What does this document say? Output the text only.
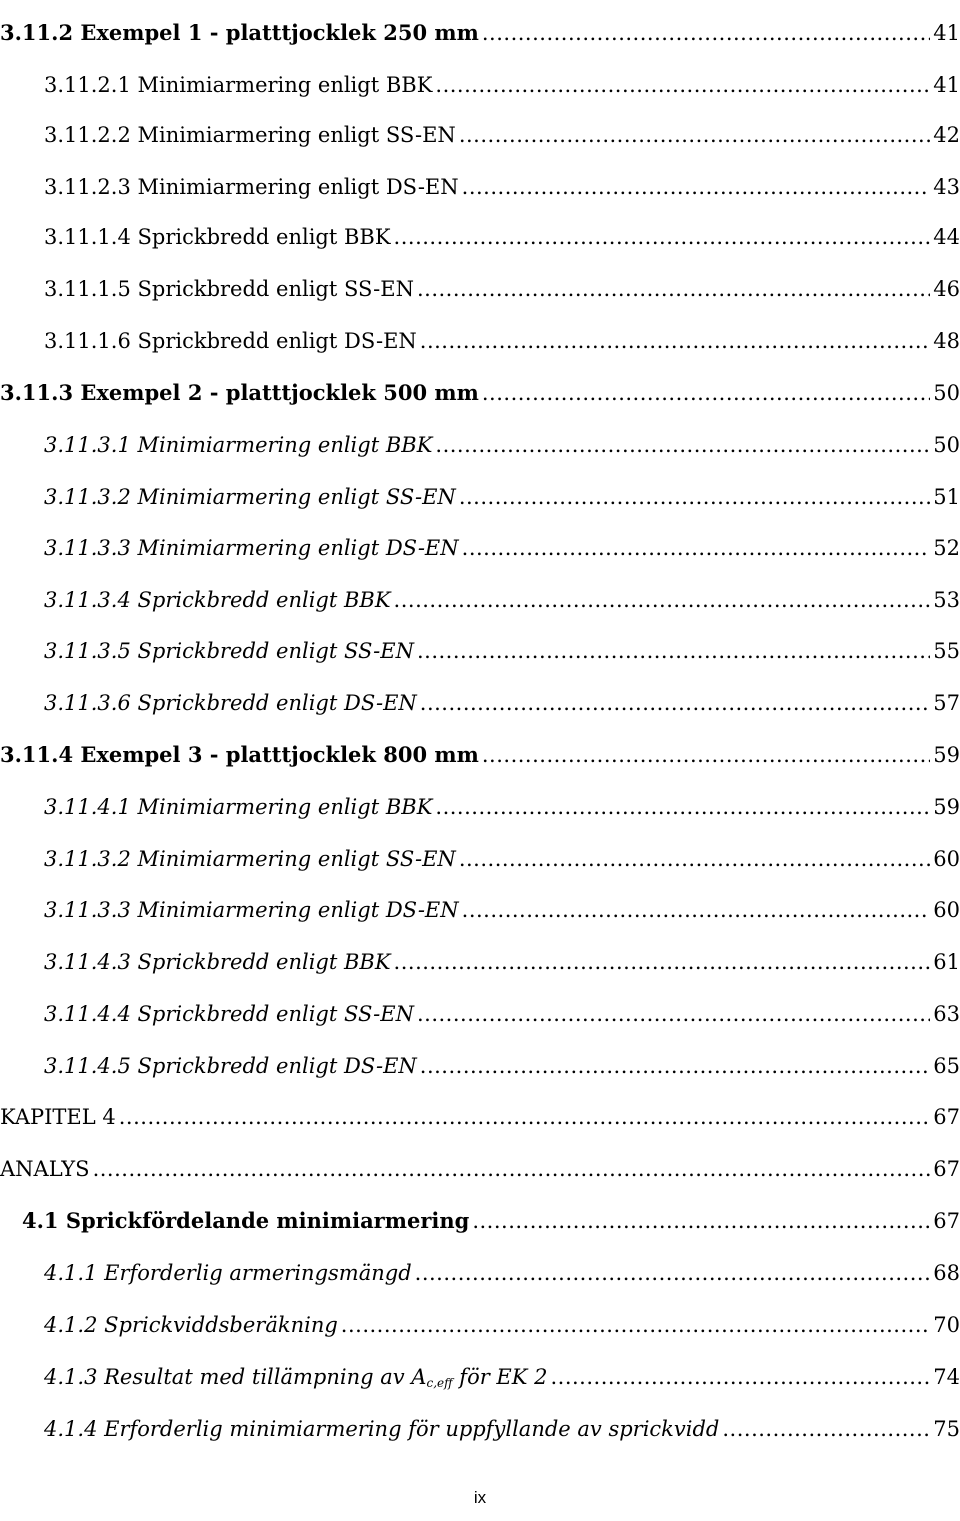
3.11.2 Exempel 1 - platttjocklek 250 mm .....	41
3.11.2.1 Minimiarmering enligt BBK .....	41
3.11.2.2 Minimiarmering enligt SS-EN .....	42
3.11.2.3 Minimiarmering enligt DS-EN .....	43
3.11.1.4 Sprickbredd enligt BBK .....	44
3.11.1.5 Sprickbredd enligt SS-EN .....	46
3.11.1.6 Sprickbredd enligt DS-EN .....	48
3.11.3 Exempel 2 - platttjocklek 500 mm .....	50
3.11.3.1 Minimiarmering enligt BBK .....	50
3.11.3.2 Minimiarmering enligt SS-EN .....	51
3.11.3.3 Minimiarmering enligt DS-EN .....	52
3.11.3.4 Sprickbredd enligt BBK .....	53
3.11.3.5 Sprickbredd enligt SS-EN .....	55
3.11.3.6 Sprickbredd enligt DS-EN .....	57
3.11.4 Exempel 3 - platttjocklek 800 mm .....	59
3.11.4.1 Minimiarmering enligt BBK .....	59
3.11.3.2 Minimiarmering enligt SS-EN .....	60
3.11.3.3 Minimiarmering enligt DS-EN .....	60
3.11.4.3 Sprickbredd enligt BBK .....	61
3.11.4.4 Sprickbredd enligt SS-EN .....	63
3.11.4.5 Sprickbredd enligt DS-EN .....	65
KAPITEL 4 .....	67
ANALYS .....	67
4.1 Sprickfördelande minimiarmering .....	67
4.1.1 Erforderlig armeringsmängd .....	68
4.1.2 Sprickviddsberäkning .....	70
4.1.3 Resultat med tillämpning av $A_{c,eff}$ för EK 2 .....	74
4.1.4 Erforderlig minimiarmering för uppfyllande av sprickvidd .....	75
ix
